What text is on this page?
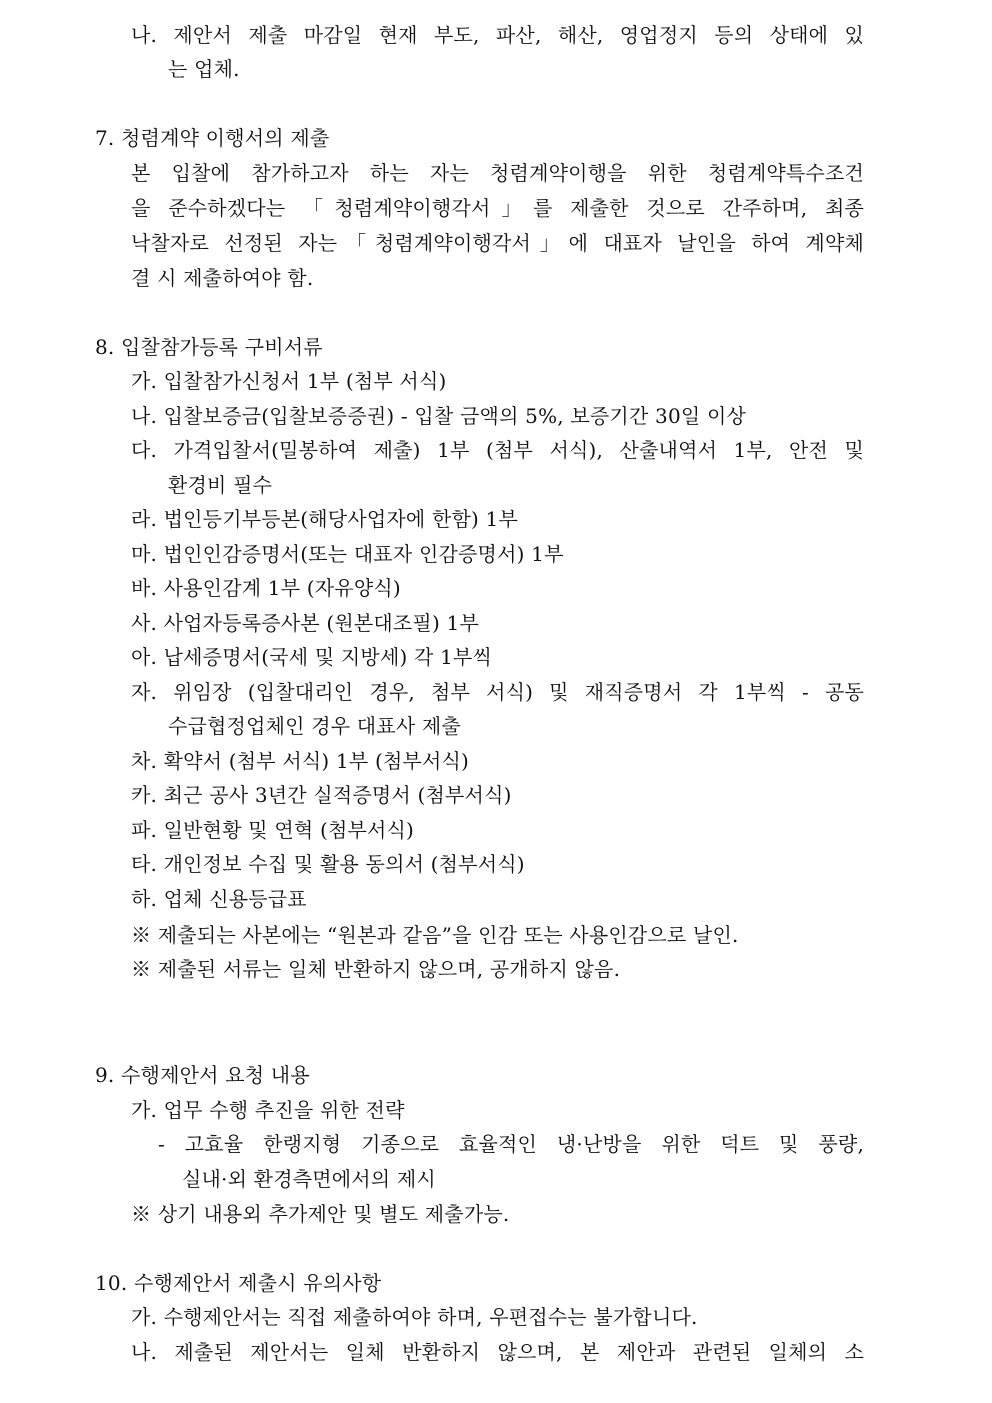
나. 제안서 제출 마감일 현재 부도, 파산, 해산, 영업정지 등의 상태에 있
는 업체.
7. 청렴계약 이행서의 제출
본 입찰에 참가하고자 하는 자는 청렴계약이행을 위한 청렴계약특수조건
을 준수하겠다는 「청렴계약이행각서」를 제출한 것으로 간주하며, 최종
낙찰자로 선정된 자는「청렴계약이행각서」에 대표자 날인을 하여 계약체
결 시 제출하여야 함.
8. 입찰참가등록 구비서류
가. 입찰참가신청서 1부 (첨부 서식)
나. 입찰보증금(입찰보증증권) - 입찰 금액의 5%, 보증기간 30일 이상
다. 가격입찰서(밀봉하여 제출) 1부 (첨부 서식), 산출내역서 1부, 안전 및
환경비 필수
라. 법인등기부등본(해당사업자에 한함) 1부
마. 법인인감증명서(또는 대표자 인감증명서) 1부
바. 사용인감계 1부 (자유양식)
사. 사업자등록증사본 (원본대조필) 1부
아. 납세증명서(국세 및 지방세) 각 1부씩
자. 위임장 (입찰대리인 경우, 첨부 서식) 및 재직증명서 각 1부씩 - 공동
수급협정업체인 경우 대표사 제출
차. 확약서 (첨부 서식) 1부 (첨부서식)
카. 최근 공사 3년간 실적증명서 (첨부서식)
파. 일반현황 및 연혁 (첨부서식)
타. 개인정보 수집 및 활용 동의서 (첨부서식)
하. 업체 신용등급표
※ 제출되는 사본에는 “원본과 같음”을 인감 또는 사용인감으로 날인.
※ 제출된 서류는 일체 반환하지 않으며, 공개하지 않음.
9. 수행제안서 요청 내용
가. 업무 수행 추진을 위한 전략
- 고효율 한랭지형 기종으로 효율적인 냉·난방을 위한 덕트 및 풍량,
실내·외 환경측면에서의 제시
※ 상기 내용외 추가제안 및 별도 제출가능.
10. 수행제안서 제출시 유의사항
가. 수행제안서는 직접 제출하여야 하며, 우편접수는 불가합니다.
나. 제출된 제안서는 일체 반환하지 않으며, 본 제안과 관련된 일체의 소
